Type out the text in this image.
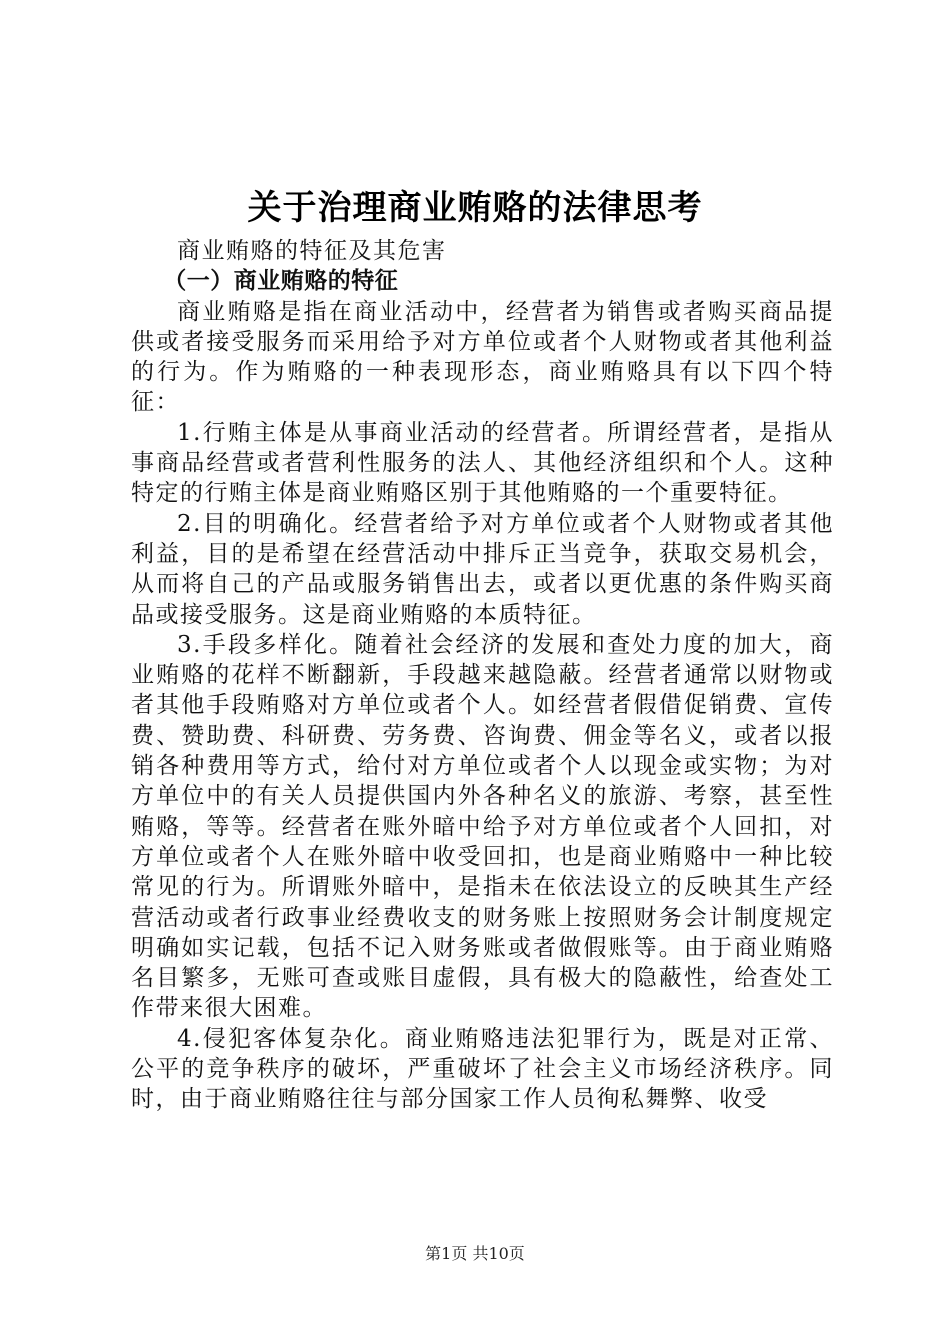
关于治理商业贿赂的法律思考

商业贿赂的特征及其危害

（一）商业贿赂的特征

商业贿赂是指在商业活动中，经营者为销售或者购买商品提供或者接受服务而采用给予对方单位或者个人财物或者其他利益的行为。作为贿赂的一种表现形态，商业贿赂具有以下四个特征：

1.行贿主体是从事商业活动的经营者。所谓经营者，是指从事商品经营或者营利性服务的法人、其他经济组织和个人。这种特定的行贿主体是商业贿赂区别于其他贿赂的一个重要特征。

2.目的明确化。经营者给予对方单位或者个人财物或者其他利益，目的是希望在经营活动中排斥正当竞争，获取交易机会，从而将自己的产品或服务销售出去，或者以更优惠的条件购买商品或接受服务。这是商业贿赂的本质特征。

3.手段多样化。随着社会经济的发展和查处力度的加大，商业贿赂的花样不断翻新，手段越来越隐蔽。经营者通常以财物或者其他手段贿赂对方单位或者个人。如经营者假借促销费、宣传费、赞助费、科研费、劳务费、咨询费、佣金等名义，或者以报销各种费用等方式，给付对方单位或者个人以现金或实物；为对方单位中的有关人员提供国内外各种名义的旅游、考察，甚至性贿赂，等等。经营者在账外暗中给予对方单位或者个人回扣，对方单位或者个人在账外暗中收受回扣，也是商业贿赂中一种比较常见的行为。所谓账外暗中，是指未在依法设立的反映其生产经营活动或者行政事业经费收支的财务账上按照财务会计制度规定明确如实记载，包括不记入财务账或者做假账等。由于商业贿赂名目繁多，无账可查或账目虚假，具有极大的隐蔽性，给查处工作带来很大困难。

4.侵犯客体复杂化。商业贿赂违法犯罪行为，既是对正常、公平的竞争秩序的破坏，严重破坏了社会主义市场经济秩序。同时，由于商业贿赂往往与部分国家工作人员徇私舞弊、收受

第1页 共10页
